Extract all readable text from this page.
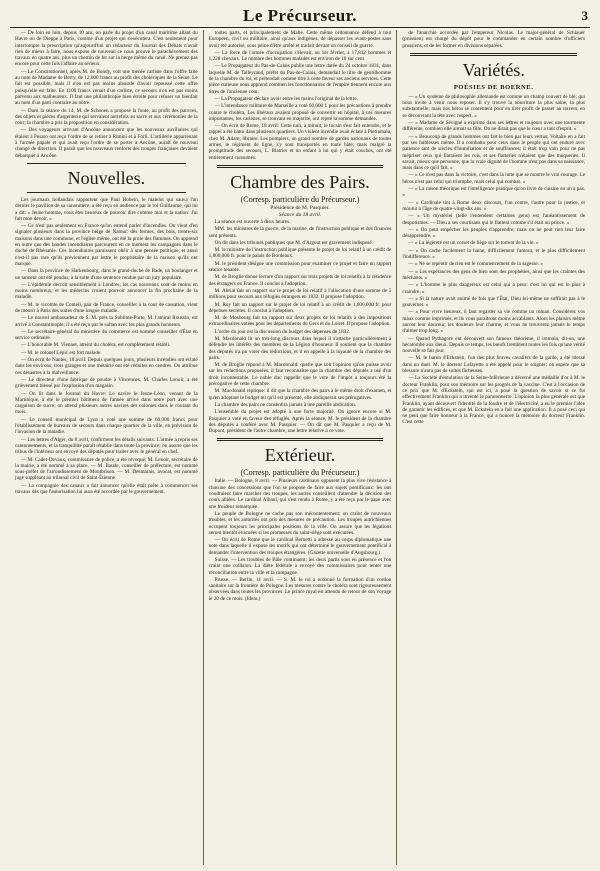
Le Précurseur.	3

— De loin en loin, depuis 10 ans, on parle du projet d'un canal maritime allant du Havre ou de Dieppe à Paris, comme d'un projet qui s'exécutera. C'est seulement pour interrompre la prescription qu'aujourd'hui un rédacteur du Journal des Débats n'avait rien de mieux à faire, nous expose de nouveau ce nous prouve le parachèvement des travaux en quatre ans, plus un chemin de fer sur la berge même du canal. Ne prenez pas encore pour cette fois l'affaire au sérieux.

— Le Constitutionnel, après M. de Bondy, voit une menée carliste dans l'offre faite au nom de Madame de Berry, de 12,000 francs au profit des cholériques de la Seine. Le fait est possible, mais il n'en est pas moins absurde d'avoir repoussé cette offre puisqu'elle est faite. En 1100 francs venait d'un carliste, ce secours n'en est pas moins parvenu aux malheureux. Il faut une philanthropie bien étroite pour refuser un bienfait au nom d'un parti contraire au nôtre.

— Dans la séance du 14, M. de Schonen a proposé la fonte, au profit des pauvres, des objets et pièces d'argenterie qui servaient autrefois au sacre et aux cérémonies de la cour; la chambre a pris la proposition en considération.

— Des voyageurs arrivant d'Ancône annoncent que les nouveaux auxiliaires qui étaient à Pesaro ont reçu l'ordre de se retirer à Rimini et à Forli. L'artillerie appartenant à l'armée papale et qui avait reçu l'ordre de se porter à Ancône, aurait de nouveau changé de direction. Il paraît que les nouveaux renforts des troupes françaises devaient débarquer à Ancône.

Nouvelles.

Les journaux hollandais rapportent que Paul Hobein, le matelot qui sauva l'an dernier le pavillon de sa canonnière, a été reçu en audience par le roi Guillaume, qui lui a dit: « Jeune homme, vous êtes heureux de pouvoir dire comme moi et la nation: J'ai fait mon devoir. »

— Ce n'est pas seulement en France qu'on entend parler d'incendies. On vient d'en signaler plusieurs dans la province belge de Namur: des fermes, des bois, trente-six maisons dans une commune, et l'église même, ont été la proie des flammes. On apprend en outre que des bandes incendiaires parcourent en ce moment les campagnes dans le duché de Rhénanie. Ces incendiaires paraissent obéir à une pensée politique, et aussi n'est-il pas rare qu'ils préviennent par lettre le propriétaire de la maison qu'ils ont marqué.

— Dans la province de Harkenbourg, dans le grand-duché de Bade, un boulanger et un tanneur ont été pendus, à la suite d'une sentence rendue par un jury populaire.

— L'épidémie décroît sensiblement à Londres; les cas nouveaux sont de moins en moins nombreux, et les médecins croient pouvoir annoncer la fin prochaine de la maladie.

— M. le vicomte de Conteil, pair de France, conseiller à la cour de cassation, vient de mourir à Paris des suites d'une longue maladie.

— Le nouvel ambassadeur de S. M. près la Sublime-Porte, M. l'amiral Roussin, est arrivé à Constantinople; il a été reçu par le sultan avec les plus grands honneurs.

— Le secrétaire-général du ministère du commerce est nommé conseiller d'État en service ordinaire.

— L'honorable M. Viennet, atteint du choléra, est complètement rétabli.

— M. le colonel Lepic est fort malade.

— On écrit de Nantes, 18 avril: Depuis quelques jours, plusieurs incendies ont éclaté dans les environs; trois granges et une métairie ont été réduites en cendres. On attribue ces désastres à la malveillance.

— Le directeur d'une fabrique de poudre à Vincennes, M. Charles Lenoir, a été grièvement blessé par l'explosion d'un magasin.

— On lit dans le Journal du Havre: Le navire le Jeune-Léon, venant de la Martinique, a été le premier bâtiment de l'année arrivé dans notre port avec une cargaison de sucre; on attend plusieurs autres navires des colonies dans le courant du mois.

— Le conseil municipal de Lyon a voté une somme de 60,000 francs pour l'établissement de bureaux de secours dans chaque quartier de la ville, en prévision de l'invasion de la maladie.

— Les lettres d'Alger, du 8 avril, confirment les détails suivants: L'armée a repris ses cantonnements, et la tranquillité paraît rétablie dans toute la province; on assure que les tribus de l'intérieur ont envoyé des députés pour traiter avec le général en chef.

— M. Cadet-Devaux, commissaire de police, a été révoqué; M. Lenoir, secrétaire de la mairie, a été nommé à sa place. — M. Baude, conseiller de préfecture, est nommé sous-préfet de l'arrondissement de Montbrison. — M. Desmarais, avocat, est nommé juge suppléant au tribunal civil de Saint-Étienne.

— La compagnie des canaux a fait annoncer qu'elle était prête à commencer ses travaux dès que l'autorisation lui aura été accordée par le gouvernement.

toutes parts, et principalement de Malte. Cette même ordonnance défend à tout Européen, civil ou militaire, ainsi qu'aux indigènes, de dépasser les avant-postes sans avoir été autorisé, sous peine d'être arrêté et traduit devant un conseil de guerre.

— La force de l'armée d'occupation s'élevait, au 1er février, à 17,812 hommes et 1,228 chevaux. Le nombre des hommes malades est environ de 10 sur cent.

— Le Propagateur du Pas-de-Calais publie une lettre datée du 24 octobre 1831, dans laquelle M. de Talleyrand, préfet du Pas-de-Calais, demandait le titre de gentilhomme de la chambre du roi, et prétendait comme titre à cette faveur ses anciens services. Cette pièce curieuse nous apprend combien les fonctionnaires de l'empire tiennent encore aux titres de l'ancienne cour.

— La Propagateur déclare avoir entre les mains l'original de la lettre.

— L'intendance militaire de Marseille a voté 60,000 f. pour les précautions à prendre contre le choléra. Les libéraux avaient proposé de convertir en hôpital, à ces mesures importantes, les carlistes, se trouvant en majorité, ont rejeté la somme demandée.

— On écrit de Rome, 18 avril: Cette nuit, à minuit, le tocsin s'est fait entendre, et le rappel a été battu dans plusieurs quartiers. Un violent incendie avait éclaté à Pietramala, chez M. Adam, libraire. Les pompiers, un grand nombre de gardes nationaux de toutes armes, le régiment de ligne, s'y sont transportés en toute hâte; mais malgré la promptitude des secours, L. Blatrier et un enfant à lui qui y était couchés, ont été entièrement consumés.

Chambre des Pairs.
(Corresp. particulière du Précurseur.)
Présidence de M. Pasquier.
Séance du 18 avril.

La séance est ouverte à deux heures.

MM. les ministres de la guerre, de la marine, de l'instruction publique et des finances sont présents.

On dit dans les tribunes publiques que M. d'Argout est gravement indisposé.

M. le ministre de l'instruction publique présente le projet de loi relatif à un crédit de 1,800,000 fr. pour le palais de Bordeaux.

M. le président désigne une commission pour examiner ce projet et faire un rapport séance tenante.

M. de Broglie donne lecture d'un rapport sur trois projets de loi relatifs à la résidence des étrangers en France. Il conclut à l'adoption.

M. Abrial fait un rapport sur le projet de loi relatif à l'allocation d'une somme de 5 millions pour secours aux réfugiés étrangers en 1832. Il propose l'adoption.

M. Roy fait un rapport sur le projet de loi relatif à un crédit de 1,800,000 fr. pour dépenses secrètes. Il conclut à l'adoption.

M. de Mosbourg fait un rapport sur deux projets de loi relatifs à des impositions extraordinaires votées pour les départements du Gers et du Loiret. Il propose l'adoption.

L'ordre du jour est la discussion du budget des dépenses de 1832.

M. Macdonald lit un très-long discours dans lequel il s'attache particulièrement à défendre les intérêts des membres de la Légion d'honneur. Il soutient que la chambre des députés n'a pu voter des réductions, et il en appelle à la loyauté de la chambre des pairs.

M. de Broglie répond à M. Macdonald: quelle que soit l'opinion qu'on puisse avoir sur les réductions proposées, il faut reconnaître que la chambre des députés a usé d'un droit incontestable. Le noble duc rappelle que le vote de l'impôt a toujours été la prérogative de cette chambre.

M. Macdonald réplique: il dit que la chambre des pairs a le même droit d'examen, et qu'en adoptant le budget tel qu'il est présenté, elle abdiquerait ses prérogatives.

La chambre des pairs ne consentira jamais à une pareille abdication.

L'ensemble du projet est adopté à une forte majorité. On ignore encore si M. Pasquier a voté en faveur des réfugiés. Après la séance, M. le président de la chambre des députés a conféré avec M. Pasquier. — On dit que M. Pasquier a reçu de M. Dupont, président de l'autre chambre, une lettre relative à ce vote.

Extérieur.
(Corresp. particulière du Précurseur.)

Italie. — Bologne, 8 avril. — Plusieurs cardinaux opposent la plus vive résistance à chacune des concessions que l'on se propose de faire aux sujets pontificaux: les uns voudraient faire marcher des troupes, les autres conseillent d'attendre la décision des cours alliées. Le cardinal Albani, qui s'est rendu à Rome, y a été reçu par le pape avec une froideur remarquée.

Le peuple de Bologne ne cache pas son mécontentement; on craint de nouveaux troubles, et les autorités ont pris des mesures de précaution. Les troupes autrichiennes occupent toujours les principales positions de la ville. On assure que les légations seront bientôt évacuées si les promesses du saint-siège sont exécutées.

— On écrit de Rome que le cardinal Bernetti a adressé au corps diplomatique une note dans laquelle il expose les motifs qui ont déterminé le gouvernement pontifical à demander l'intervention des troupes étrangères. (Gazette universelle d'Augsbourg.)

Suisse. — Les troubles de Bâle continuent; les deux partis sont en présence et l'on craint une collision. La diète fédérale a envoyé des commissaires pour tenter une réconciliation entre la ville et la campagne.

Prusse. — Berlin, 11 avril. — S. M. le roi a ordonné la formation d'un cordon sanitaire sur la frontière de Pologne. Les mesures contre le choléra sont rigoureusement observées dans toutes les provinces. Le prince royal est attendu de retour de son voyage le 20 de ce mois. (Idem.)

de l'anarchie accordée par l'empereur Nicolas. Le major-général de Schlauer (prussien) est chargé du dépôt pour le commander en certain nombre d'officiers prussiens, et de les former en divisions séparées.

Variétés.
POÉSIES DE BOERNE.

— « Un système de philosophie allemande est comme un champ couvert de blé; qui nous invite à venir nous reposer. Il s'y trouve la nourriture la plus saine, la plus substantielle; mais nos héros se contentent pour en tirer profit de passer au travers, en se découvrant la tête avec respect. »

— « Madame de Sévigné a exprimé dans ses lettres et toujours avec une tourmente différente, combien elle aimait sa fille. On ne dirait pas que le cœur a tant d'esprit. »

— « Beaucoup de grands hommes ont fait le bien par leurs vertus; Voltaire en a fait par ses faiblesses même. Il a combattu pour ceux dans le peuple qui ont enduré avec patience tant de siècles d'humiliation et de souffrances; il était trop vain pour ne pas mépriser ceux qui flattaient les rois, et ses flatteries n'étaient que des moqueries. Il savait, mieux que personne, que la vraie dignité de l'homme n'est pas dans sa naissance, mais dans ce qu'il fait. »

— « Ce n'est pas dans la victoire, c'est dans la lutte que se montre le vrai courage. Le héros n'est pas celui qui triomphe, mais celui qui combat. »

— « La raison théorique est l'intelligence pratique qu'on livre de cuisine en un à pas. »

— « Cardinale tint à Rome deux discours, l'un contre, l'autre pour la justice, et mourut à l'âge de quatre-vingt-dix ans. »

— « Un mystériel (telle l'entendent certaines gens) est l'anéantissement de despotismes. — Dieu a ses courtisans qui le flattent comme s'il était un prince. »

— « On peut empêcher les peuples d'apprendre; mais on ne peut rien leur faire désapprendre. »

— « La légèreté est un corset de liège sur le torrent de la vie. »

— « On cache facilement la haine, difficilement l'amour, et le plus difficilement l'indifférence. »

— « Ne se repentir de rien est le commencement de la sagesse. »

— « Les espérances des gens de bien sont des prophéties, ainsi que les craintes des méchants. »

— « L'homme le plus dangereux est celui qui a peur; c'est lui qui est le plus à craindre. »

— « Si la nature avait animé de fois que l'État, Dieu lui-même ne suffirait pas à le gouverner. »

— « Pour vivre heureux, il faut regarder sa vie comme un roman. Considérez vos maux comme imprimés, et ils vous paraîtront moins accablants. Alors les plaisirs même auront leur douceur, les douleurs leur charme, et vous ne trouverez jamais le temps d'aimer trop long. »

— Quand Pythagore eut découvert son fameux théorème, il immola, dit-on, une hécatombe aux dieux. Depuis ce temps, les bœufs tremblent toutes les fois qu'une vérité nouvelle se fait jour.

— M. le baron d'Eckstein, l'un des plus braves cavaliers de la garde, a été blessé dans un duel. M. le docteur Lafayette a été appelé pour le soigner; on espère que sa blessure n'aura pas de suites fâcheuses.

— La Société d'émulation de la Seine-Inférieure a décerné une médaille d'or à M. le docteur Franklin, pour son mémoire sur les progrès de la vaccine. C'est à l'occasion de ce prix que M. d'Eckstein, qui est ici, a posé la question de savoir si ce fut effectivement Franklin qui a inventé le paratonnerre. L'opinion la plus générale est que Franklin, ayant découvert l'identité de la foudre et de l'électricité, a eu le premier l'idée de garantir les édifices, et que M. Eckstein en a fait une application. Il a posé ceci qui ne peut que faire honneur à la France, qui a honoré la mémoire du docteur Franklin. C'est cette
